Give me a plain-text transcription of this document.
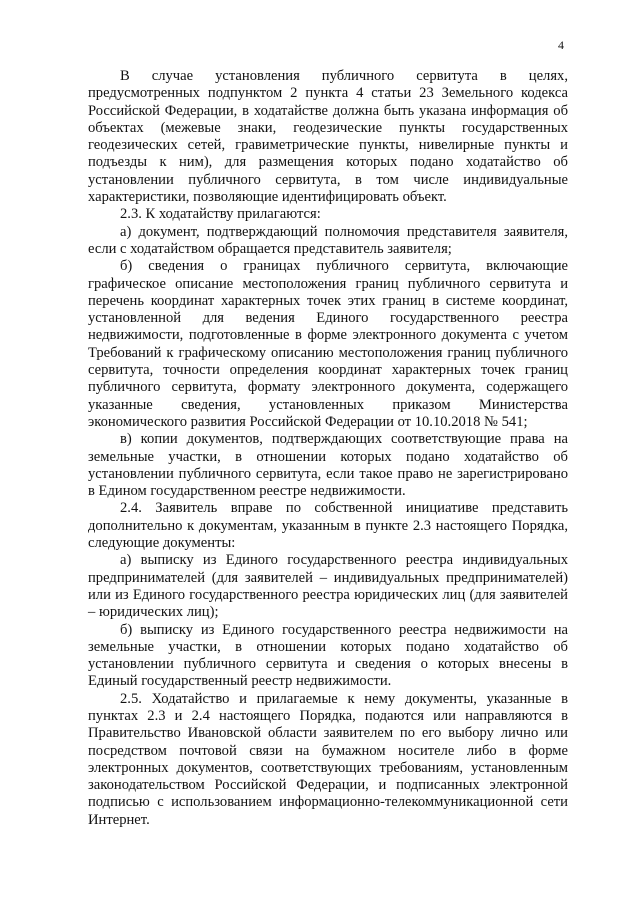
4

В случае установления публичного сервитута в целях, предусмотренных подпунктом 2 пункта 4 статьи 23 Земельного кодекса Российской Федерации, в ходатайстве должна быть указана информация об объектах (межевые знаки, геодезические пункты государственных геодезических сетей, гравиметрические пункты, нивелирные пункты и подъезды к ним), для размещения которых подано ходатайство об установлении публичного сервитута, в том числе индивидуальные характеристики, позволяющие идентифицировать объект.

2.3. К ходатайству прилагаются:

а) документ, подтверждающий полномочия представителя заявителя, если с ходатайством обращается представитель заявителя;

б) сведения о границах публичного сервитута, включающие графическое описание местоположения границ публичного сервитута и перечень координат характерных точек этих границ в системе координат, установленной для ведения Единого государственного реестра недвижимости, подготовленные в форме электронного документа с учетом Требований к графическому описанию местоположения границ публичного сервитута, точности определения координат характерных точек границ публичного сервитута, формату электронного документа, содержащего указанные сведения, установленных приказом Министерства экономического развития Российской Федерации от 10.10.2018 № 541;

в) копии документов, подтверждающих соответствующие права на земельные участки, в отношении которых подано ходатайство об установлении публичного сервитута, если такое право не зарегистрировано в Едином государственном реестре недвижимости.

2.4. Заявитель вправе по собственной инициативе представить дополнительно к документам, указанным в пункте 2.3 настоящего Порядка, следующие документы:

а) выписку из Единого государственного реестра индивидуальных предпринимателей (для заявителей – индивидуальных предпринимателей) или из Единого государственного реестра юридических лиц (для заявителей – юридических лиц);

б) выписку из Единого государственного реестра недвижимости на земельные участки, в отношении которых подано ходатайство об установлении публичного сервитута и сведения о которых внесены в Единый государственный реестр недвижимости.

2.5. Ходатайство и прилагаемые к нему документы, указанные в пунктах 2.3 и 2.4 настоящего Порядка, подаются или направляются в Правительство Ивановской области заявителем по его выбору лично или посредством почтовой связи на бумажном носителе либо в форме электронных документов, соответствующих требованиям, установленным законодательством Российской Федерации, и подписанных электронной подписью с использованием информационно-телекоммуникационной сети Интернет.
